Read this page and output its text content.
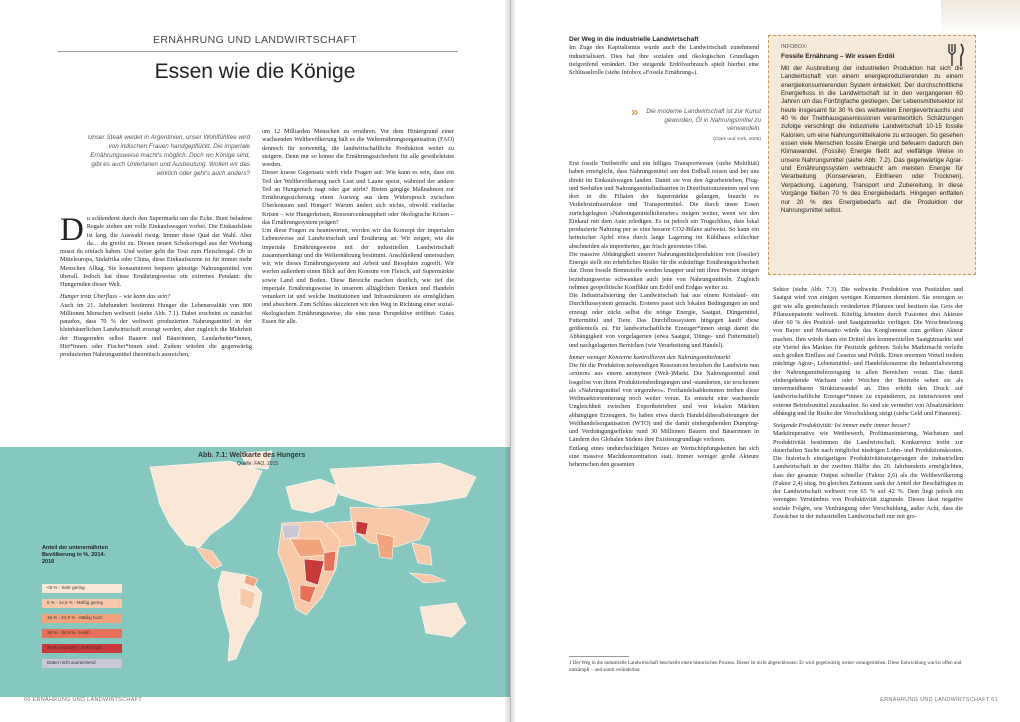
ERNÄHRUNG UND LANDWIRTSCHAFT
Essen wie die Könige
Unser Steak weidet in Argentinien, unser Wohlfühltee wird von indischen Frauen handgepflückt. Die imperiale Ernährungsweise macht's möglich. Doch wo Könige sind, gibt es auch Untertanen und Ausbeutung. Wollen wir das wirklich oder geht's auch anders?
D u schlenderst durch den Supermarkt um die Ecke. Bunt beladene Regale ziehen um volle Einkaufswagen vorbei. Die Einkaufsliste ist lang, die Auswahl riesig. Immer diese Qual der Wahl. Aber da… du greifst zu. Diesen neuen Schokoriegel aus der Werbung musst du einfach haben. Und weiter geht die Tour zum Fleischregal. Ob in Mitteleuropa, Südafrika oder China, diese Einkaufsszene ist für immer mehr Menschen Alltag. Sie konsumieren bequem günstige Nahrungsmittel von überall. Jedoch hat diese Ernährungsweise ein extremes Pendant: die Hungernden dieser Welt.

Hunger trotz Überfluss – wie kann das sein?

Auch im 21. Jahrhundert bestimmt Hunger die Lebensrealität von 800 Millionen Menschen weltweit (siehe Abb. 7.1). Dabei erscheint es zunächst paradox, dass 70 % der weltweit produzierten Nahrungsmittel in der kleinbäuerlichen Landwirtschaft erzeugt werden, aber zugleich die Mehrheit der Hungernden selbst Bauern und Bäuerinnen, Landarbeiter*innen, Hirt*innen oder Fischer*innen sind. Zudem würden die gegenwärtig produzierten Nahrungsmittel theoretisch ausreichen,

um 12 Milliarden Menschen zu ernähren. Vor dem Hintergrund einer wachsenden Weltbevölkerung hält es die Welternährungsorganisation (FAO) dennoch für notwendig, die landwirtschaftliche Produktion weiter zu steigern. Denn nur so könne die Ernährungssicherheit für alle gewährleistet werden.

Dieser krasse Gegensatz wirft viele Fragen auf: Wie kann es sein, dass ein Teil der Weltbevölkerung nach Lust und Laune speist, während der andere Teil an Hungertuch nagt oder gar stirbt? Bieten gängige Maßnahmen zur Ernährungssicherung einen Ausweg aus dem Widerspruch zwischen Überkonsum und Hunger? Warum ändert sich nichts, obwohl vielfache Krisen – wie Hungerkrisen, Ressourcenknappheit oder ökologische Krisen – das Ernährungssystem prägen?

Um diese Fragen zu beantworten, werden wir das Konzept der imperialen Lebensweise auf Landwirtschaft und Ernährung an. Wir zeigen, wie die imperiale Ernährungsweise mit der industriellen Landwirtschaft zusammenhängt und die Welternährung bestimmt. Anschließend untersuchen wir, wie dieses Ernährungssystem auf Arbeit und Biosphäre zugreift. Wir werfen außerdem einen Blick auf den Konsum von Fleisch, auf Supermärkte sowie Land und Boden. Diese Bereiche machen deutlich, wie tief die imperiale Ernährungsweise in unserem alltäglichen Denken und Handeln verankert ist und welche Institutionen und Infrastrukturen sie ermöglichen und absichern. Zum Schluss skizzieren wir den Weg in Richtung einer sozial-ökologischen Ernährungsweise, die eine neue Perspektive eröffnet: Gutes Essen für alle.

Abb. 7.1: Weltkarte des Hungers
Quelle: FAO, 2015
Anteil der unterernährten Bevölkerung in %, 2014-2016
<5 % - Sehr gering
5 % - 14,9 % - Mäßig gering
15 % - 24,9 % - Mäßig hoch
25 % - 34,9 % - Hoch
35 % und mehr - Sehr hoch
Daten nicht ausreichend
60 ERNÄHRUNG UND LANDWIRTSCHAFT

Der Weg in die industrielle Landwirtschaft

Im Zuge des Kapitalismus wurde auch die Landwirtschaft zunehmend industrialisiert. Dies hat ihre sozialen und ökologischen Grundlagen tiefgreifend verändert. Der steigende Erdölverbrauch spielt hierbei eine Schlüsselrolle (siehe Infobox »Fossile Ernährung«).

»	Die moderne Landwirtschaft ist zur Kunst geworden, Öl in Nahrungsmittel zu verwandeln.

(Clark und York, 2006)

Erst fossile Treibstoffe und ein billiges Transportwesen (siehe Mobilität) haben ermöglicht, dass Nahrungsmittel um den Erdball reisen und bei uns direkt im Einkaufswagen landen. Damit sie von den Agrarbetrieben, Flug- und Seehäfen und Nahrungsmittelindustrien in Distributionszentren und von dort in die Filialen der Supermärkte gelangen, braucht es Verkehrsinfrastruktur und Transportmittel. Die durch unser Essen zurückgelegten »Nahrungsmittelkilometer« steigen weiter, wenn wir den Einkauf mit dem Auto erledigen. Es ist jedoch ein Trugschluss, dass lokal produzierte Nahrung per se eine bessere CO2-Bilanz aufweist. So kann ein heimischer Apfel etwa durch lange Lagerung im Kühlhaus schlechter abschneiden als importiertes, gar frisch geerntetes Obst.

Die massive Abhängigkeit unserer Nahrungsmittelproduktion von (fossiler) Energie stellt ein erhebliches Risiko für die zukünftige Ernährungssicherheit dar. Denn fossile Brennstoffe werden knapper und mit ihren Preisen steigen beziehungsweise schwanken auch jene von Nahrungsmitteln. Zugleich nehmen geopolitische Konflikte um Erdöl und Erdgas weiter zu.

Die Industrialisierung der Landwirtschaft hat aus einem Kreislauf- ein Durchflusssystem gemacht. Ersteres passt sich lokalen Bedingungen an und erzeugt oder zückt selbst die nötige Energie, Saatgut, Düngemittel, Futtermittel und Tiere. Das Durchflusssystem hingegen kauft diese größtenteils zu. Für landwirtschaftliche Erzeuger*innen steigt damit die Abhängigkeit von vorgelagerten (etwa Saatgut, Dünge- und Futtermittel) und nachgelagerten Bereichen (wie Verarbeitung und Handel).

Immer weniger Konzerne kontrollieren den Nahrungsmittelmarkt

Die für die Produktion notwendigen Ressourcen beziehen die Landwirte nun »extern« aus einem anonymen (Welt-)Markt. Die Nahrungsmittel sind losgelöst von ihren Produktionsbedingungen und -standorten, sie erscheinen als »Nahrungsmittel von nirgendwo«. Freihandelsabkommen treiben diese Weltmarktorientierung noch weiter voran. Es entsteht eine wachsende Ungleichheit zwischen Exportbetrieben und von lokalen Märkten abhängigen Erzeugern. So haben etwa durch Handelsliberalisierungen der Welthandelsorganisation (WTO) und die damit einhergehenden Dumping- und Verdrängungseffekte rund 30 Millionen Bauern und Bäuerinnen in Ländern des Globalen Südens ihre Existenzgrundlage verloren.

Entlang eines undurchsichtigen Netzes an Wertschöpfungsketten hat sich eine massive Machtkonzentration statt. Immer weniger große Akteure beherrschen den gesamten

INFOBOX:
Fossile Ernährung – Wir essen Erdöl
Mit der Ausbreitung der industriellen Produktion hat sich die Landwirtschaft von einem energieproduzierenden zu einem energiekonsumierenden System entwickelt. Der durchschnittliche Energiefluss in die Landwirtschaft ist in den vergangenen 60 Jahren um das Fünfzigfache gestiegen. Der Lebensmittelsektor ist heute insgesamt für 30 % des weltweiten Energieverbrauchs und 40 % der Treibhausgasemissionen verantwortlich. Schätzungen zufolge verschlingt die industrielle Landwirtschaft 10-15 fossile Kalorien, um eine Nahrungsmittelkalorie zu erzeugen. So gesehen essen viele Menschen fossile Energie und befeuern dadurch den Klimawandel. (Fossile) Energie fließt auf vielfältige Weise in unsere Nahrungsmittel (siehe Abb. 7.2). Das gegenwärtige Agrar- und Ernährungssystem verbraucht am meisten Energie für Verarbeitung (Konservieren, Einfrieren oder Trocknen), Verpackung, Lagerung, Transport und Zubereitung. In diese Vorgänge fließen 70 % des Energiebedarfs. Hingegen entfallen nur 20 % des Energiebedarfs auf die Produktion der Nahrungsmittel selbst.

Sektor (siehe Abb. 7.3). Die weltweite Produktion von Pestiziden und Saatgut wird von einigen wenigen Konzernen dominiert. Sie erzeugen so gut wie alle gentechnisch veränderten Pflanzen und besitzen das Gros der Pflanzenpatente weltweit. Künftig könnten durch Fusionen drei Akteure über 60 % des Pestizid- und Saatgutmarkts verfügen. Die Verschmelzung von Bayer und Monsanto würde das Konglomerat zum größten Akteur machen. Ihm würde dann ein Drittel des kommerziellen Saatgutmarkts und ein Viertel des Marktes für Pestizide gehören. Solche Marktmacht verleiht auch großen Einfluss auf Gesetze und Politik. Einen enormen Vorteil treiben mächtige Agrar-, Lebensmittel- und Handelskonzerne die Industrialisierung der Nahrungsmittelerzeugung in allen Bereichen voran. Das damit einhergehende Wachsen oder Weichen der Betriebe sehen sie als unvermeidbaren Strukturwandel an. Dies erhöht den Druck auf landwirtschaftliche Erzeuger*innen zu expandieren, zu intensivieren und externe Betriebsmittel zuzukaufen. So sind sie vermehrt von Absatzmärkten abhängig und ihr Risiko der Verschuldung steigt (siehe Geld und Finanzen).

Steigende Produktivität: Ist immer mehr immer besser?

Marktimperative wie Wettbewerb, Profitmaximierung, Wachstum und Produktivität bestimmen die Landwirtschaft. Konkurrenz treibt zur dauerhaften Suche nach möglichst niedrigen Lohn- und Produktionskosten. Die historisch einzigartigen Produktivitätssteigerungen der industriellen Landwirtschaft in der zweiten Hälfte des 20. Jahrhunderts ermöglichten, dass der gesamte Output schneller (Faktor 2,6) als die Weltbevölkerung (Faktor 2,4) stieg. Im gleichen Zeitraum sank der Anteil der Beschäftigten in der Landwirtschaft weltweit von 65 % auf 42 %. Dem liegt jedoch ein verengtes Verständnis von Produktivität zugrunde. Dieses lässt negative soziale Folgen, wie Verdrängung oder Verschuldung, außer Acht, dass die Zuwächse in der industriellen Landwirtschaft nur mit gro-

1 Der Weg in die industrielle Landwirtschaft beschreibt einen historischen Prozess. Dieser ist nicht abgeschlossen: Er wird gegenwärtig weiter vorangetrieben. Diese Entwicklung war/ist offen und umkämpft – und somit veränderbar.
ERNÄHRUNG UND LANDWIRTSCHAFT 61
